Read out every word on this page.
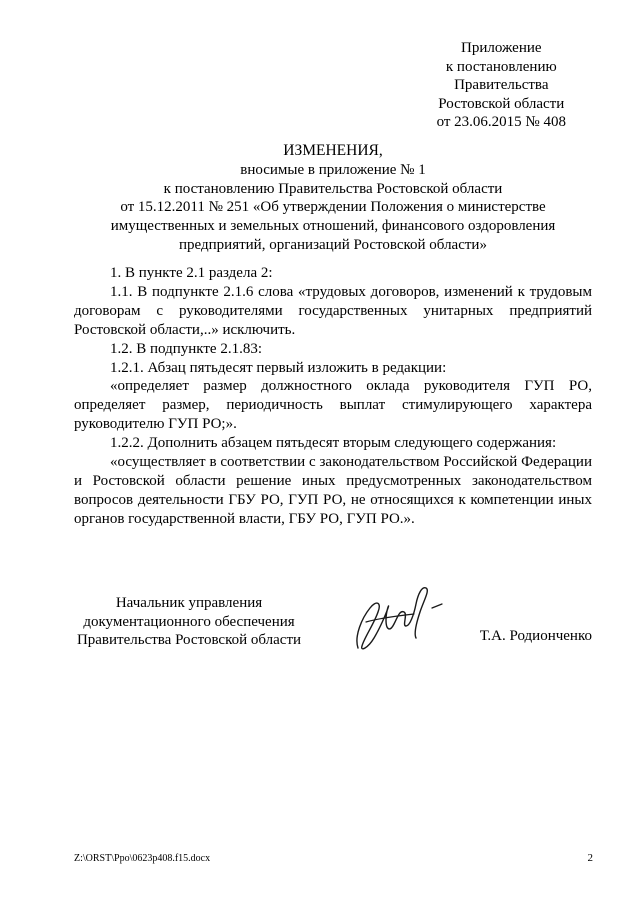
Приложение
к постановлению
Правительства
Ростовской области
от 23.06.2015 № 408
ИЗМЕНЕНИЯ,
вносимые в приложение № 1
к постановлению Правительства Ростовской области
от 15.12.2011 № 251 «Об утверждении Положения о министерстве
имущественных и земельных отношений, финансового оздоровления
предприятий, организаций Ростовской области»

1. В пункте 2.1 раздела 2:

1.1. В подпункте 2.1.6 слова «трудовых договоров, изменений к трудовым договорам с руководителями государственных унитарных предприятий Ростовской области,..» исключить.

1.2. В подпункте 2.1.83:

1.2.1. Абзац пятьдесят первый изложить в редакции:

«определяет размер должностного оклада руководителя ГУП РО, определяет размер, периодичность выплат стимулирующего характера руководителю ГУП РО;».

1.2.2. Дополнить абзацем пятьдесят вторым следующего содержания:

«осуществляет в соответствии с законодательством Российской Федерации и Ростовской области решение иных предусмотренных законодательством вопросов деятельности ГБУ РО, ГУП РО, не относящихся к компетенции иных органов государственной власти, ГБУ РО, ГУП РО.».

Начальник управления
документационного обеспечения
Правительства Ростовской области	Т.А. Родионченко
Z:\ORST\Ppo\0623p408.f15.docx	2
